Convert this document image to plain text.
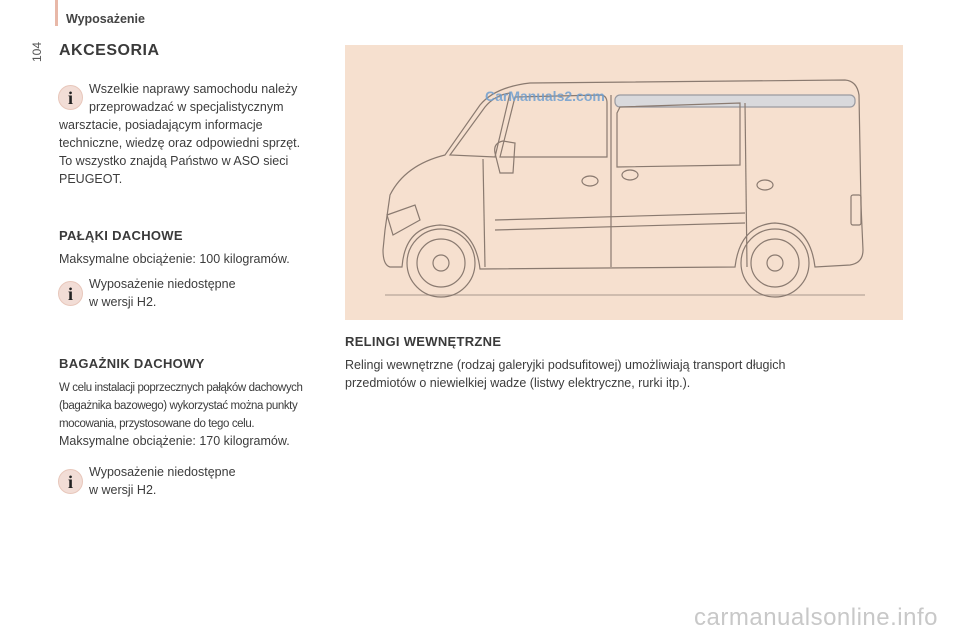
104
Wyposażenie
AKCESORIA
i Wszelkie naprawy samochodu należy
przeprowadzać w specjalistycznym
warsztacie, posiadającym informacje
techniczne, wiedzę oraz odpowiedni sprzęt.
To wszystko znajdą Państwo w ASO sieci
PEUGEOT.
PAŁĄKI DACHOWE
Maksymalne obciążenie: 100 kilogramów.
i Wyposażenie niedostępne
w wersji H2.
BAGAŻNIK DACHOWY
W celu instalacji poprzecznych pałąków dachowych
(bagażnika bazowego) wykorzystać można punkty
mocowania, przystosowane do tego celu.
Maksymalne obciążenie: 170 kilogramów.
i Wyposażenie niedostępne
w wersji H2.
CarManuals2.com
RELINGI WEWNĘTRZNE
Relingi wewnętrzne (rodzaj galeryjki podsufitowej) umożliwiają transport długich
przedmiotów o niewielkiej wadze (listwy elektryczne, rurki itp.).
carmanualsonline.info
